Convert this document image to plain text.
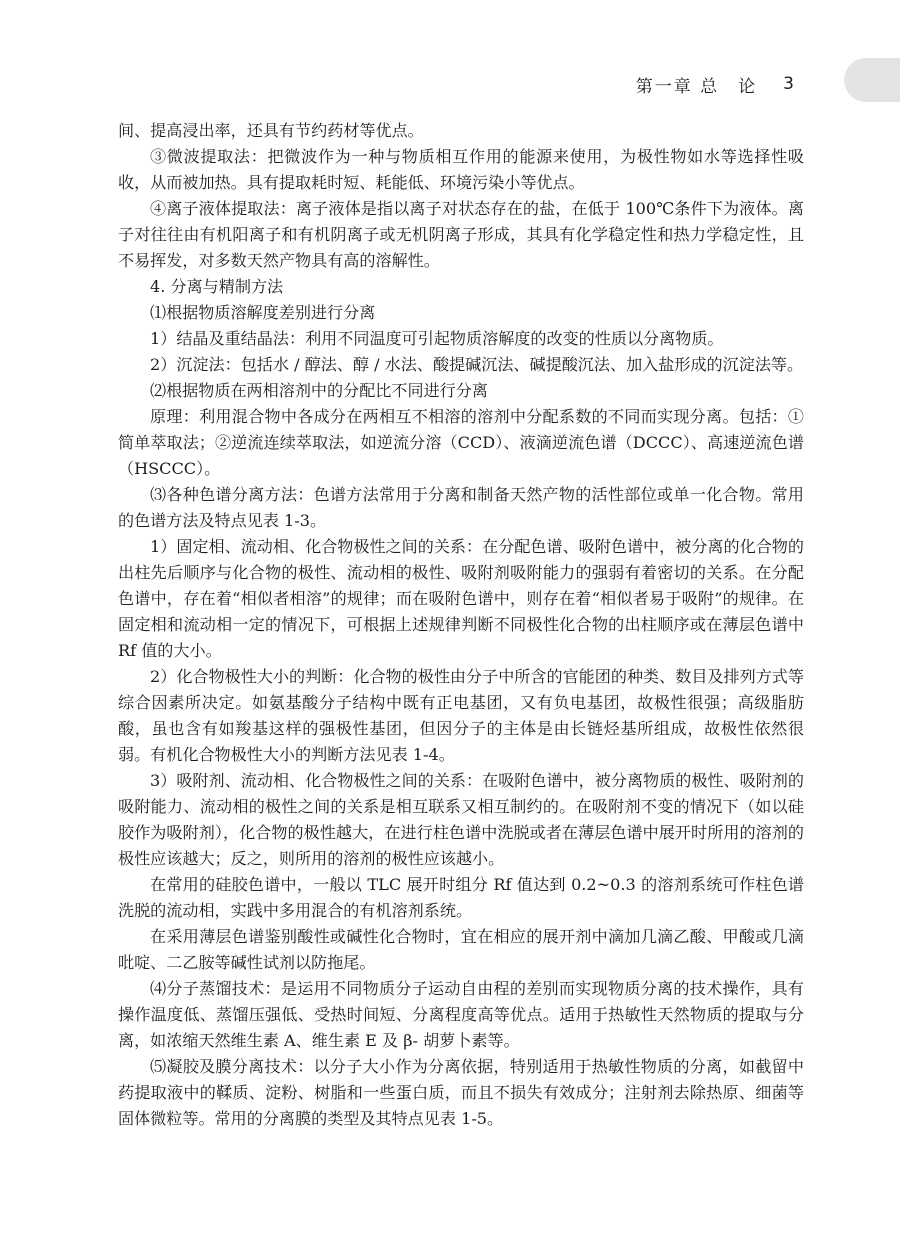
第一章 总　论 3

间、提高浸出率，还具有节约药材等优点。

③微波提取法：把微波作为一种与物质相互作用的能源来使用，为极性物如水等选择性吸收，从而被加热。具有提取耗时短、耗能低、环境污染小等优点。

④离子液体提取法：离子液体是指以离子对状态存在的盐，在低于 100℃条件下为液体。离子对往往由有机阳离子和有机阴离子或无机阴离子形成，其具有化学稳定性和热力学稳定性，且不易挥发，对多数天然产物具有高的溶解性。

4. 分离与精制方法

⑴根据物质溶解度差别进行分离

1）结晶及重结晶法：利用不同温度可引起物质溶解度的改变的性质以分离物质。

2）沉淀法：包括水 / 醇法、醇 / 水法、酸提碱沉法、碱提酸沉法、加入盐形成的沉淀法等。

⑵根据物质在两相溶剂中的分配比不同进行分离

原理：利用混合物中各成分在两相互不相溶的溶剂中分配系数的不同而实现分离。包括：①简单萃取法；②逆流连续萃取法，如逆流分溶（CCD）、液滴逆流色谱（DCCC）、高速逆流色谱（HSCCC）。

⑶各种色谱分离方法：色谱方法常用于分离和制备天然产物的活性部位或单一化合物。常用的色谱方法及特点见表 1-3。

1）固定相、流动相、化合物极性之间的关系：在分配色谱、吸附色谱中，被分离的化合物的出柱先后顺序与化合物的极性、流动相的极性、吸附剂吸附能力的强弱有着密切的关系。在分配色谱中，存在着“相似者相溶”的规律；而在吸附色谱中，则存在着“相似者易于吸附”的规律。在固定相和流动相一定的情况下，可根据上述规律判断不同极性化合物的出柱顺序或在薄层色谱中 Rf 值的大小。

2）化合物极性大小的判断：化合物的极性由分子中所含的官能团的种类、数目及排列方式等综合因素所决定。如氨基酸分子结构中既有正电基团，又有负电基团，故极性很强；高级脂肪酸，虽也含有如羧基这样的强极性基团，但因分子的主体是由长链烃基所组成，故极性依然很弱。有机化合物极性大小的判断方法见表 1-4。

3）吸附剂、流动相、化合物极性之间的关系：在吸附色谱中，被分离物质的极性、吸附剂的吸附能力、流动相的极性之间的关系是相互联系又相互制约的。在吸附剂不变的情况下（如以硅胶作为吸附剂），化合物的极性越大，在进行柱色谱中洗脱或者在薄层色谱中展开时所用的溶剂的极性应该越大；反之，则所用的溶剂的极性应该越小。

在常用的硅胶色谱中，一般以 TLC 展开时组分 Rf 值达到 0.2~0.3 的溶剂系统可作柱色谱洗脱的流动相，实践中多用混合的有机溶剂系统。

在采用薄层色谱鉴别酸性或碱性化合物时，宜在相应的展开剂中滴加几滴乙酸、甲酸或几滴吡啶、二乙胺等碱性试剂以防拖尾。

⑷分子蒸馏技术：是运用不同物质分子运动自由程的差别而实现物质分离的技术操作，具有操作温度低、蒸馏压强低、受热时间短、分离程度高等优点。适用于热敏性天然物质的提取与分离，如浓缩天然维生素 A、维生素 E 及 β- 胡萝卜素等。

⑸凝胶及膜分离技术：以分子大小作为分离依据，特别适用于热敏性物质的分离，如截留中药提取液中的鞣质、淀粉、树脂和一些蛋白质，而且不损失有效成分；注射剂去除热原、细菌等固体微粒等。常用的分离膜的类型及其特点见表 1-5。
